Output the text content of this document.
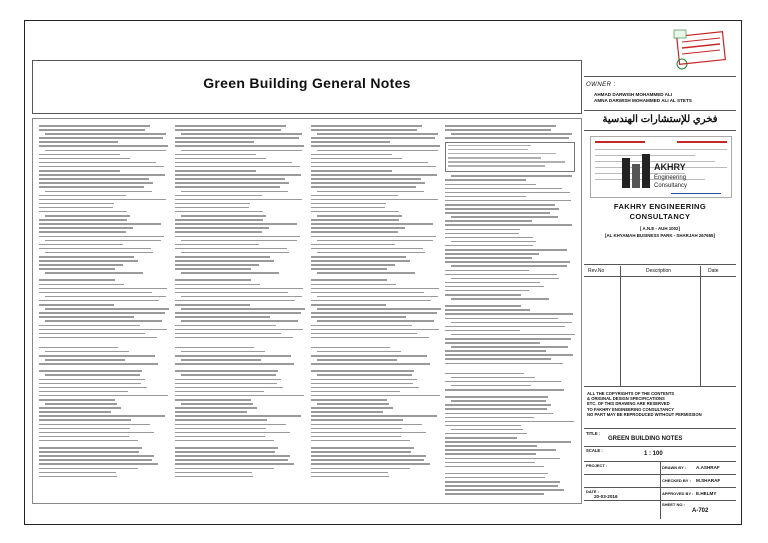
Green Building General Notes	OWNER :
AHMAD DARWISH MOHAMMED ALI
AMNA DARWISH MOHAMMED ALI AL STETS
فخري للإستشارات الهندسية
AKHRY
Engineering
Consultancy
FAKHRY ENGINEERING
CONSULTANCY
[ A.N.E - AUH 1002]
[AL KHYAMAH BUSINESS PARK - SHARJAH 267655]
Rev.No	Description	Date
ALL THE COPYRIGHTS OF THE CONTENTS
& ORIGINAL DESIGN SPECIFICATIONS
ETC. OF THIS DRAWING ARE RESERVED
TO FAKHRY ENGINEERING CONSULTANCY
NO PART MAY BE REPRODUCED WITHOUT PERMISSION
TITLE :
GREEN BUILDING NOTES
SCALE :
1 : 100
PROJECT :	DRAWN BY : A.ASHRAF
CHECKED BY : M.SHARAF
DATE :
20-03-2016
APPROVED BY : E.HELMY
SHEET NO :
A-702
